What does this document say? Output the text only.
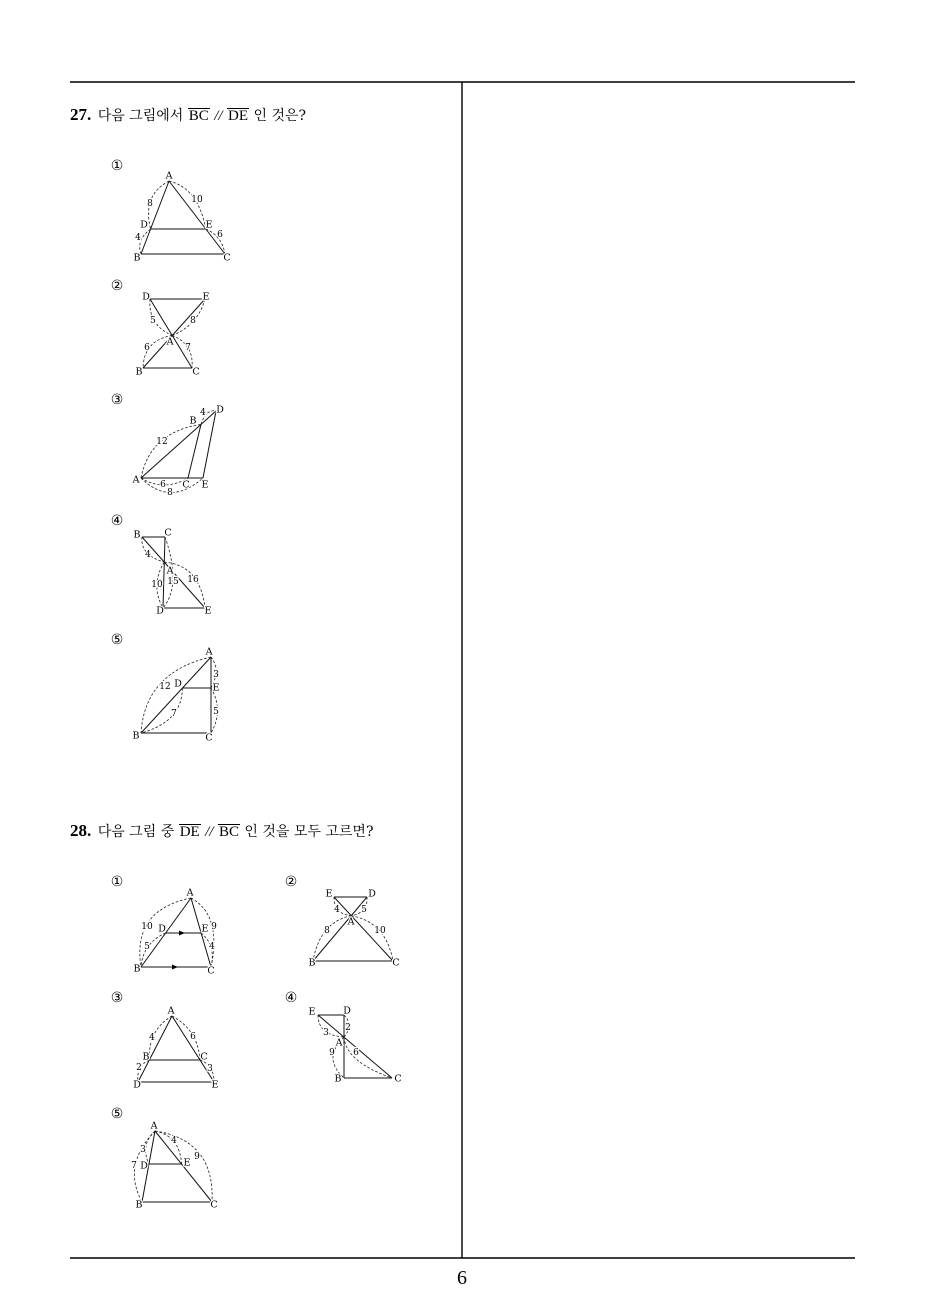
A
8	10
D	E
4	6
B	C
D	E
5	8
A
6	7
B	C
B
4 D
12
A 6 C E
8
B	C
4
A
10 15 16
D	E
A
3
12 D	E
7	5
B	C
A
10	9
D	E
5	4
B	C
E	D
4 5
A
8	10
B	C
A
4	6
B	C
2	3
D	E
E	D
2
3
A
9 6
B	C
A
4
3
9
7 D	E
B	C
27. 다음 그림에서 BC // DE 인 것은?
①
②
③
④
⑤
28. 다음 그림 중 DE // BC 인 것을 모두 고르면?
①	②
③	④
⑤
6
